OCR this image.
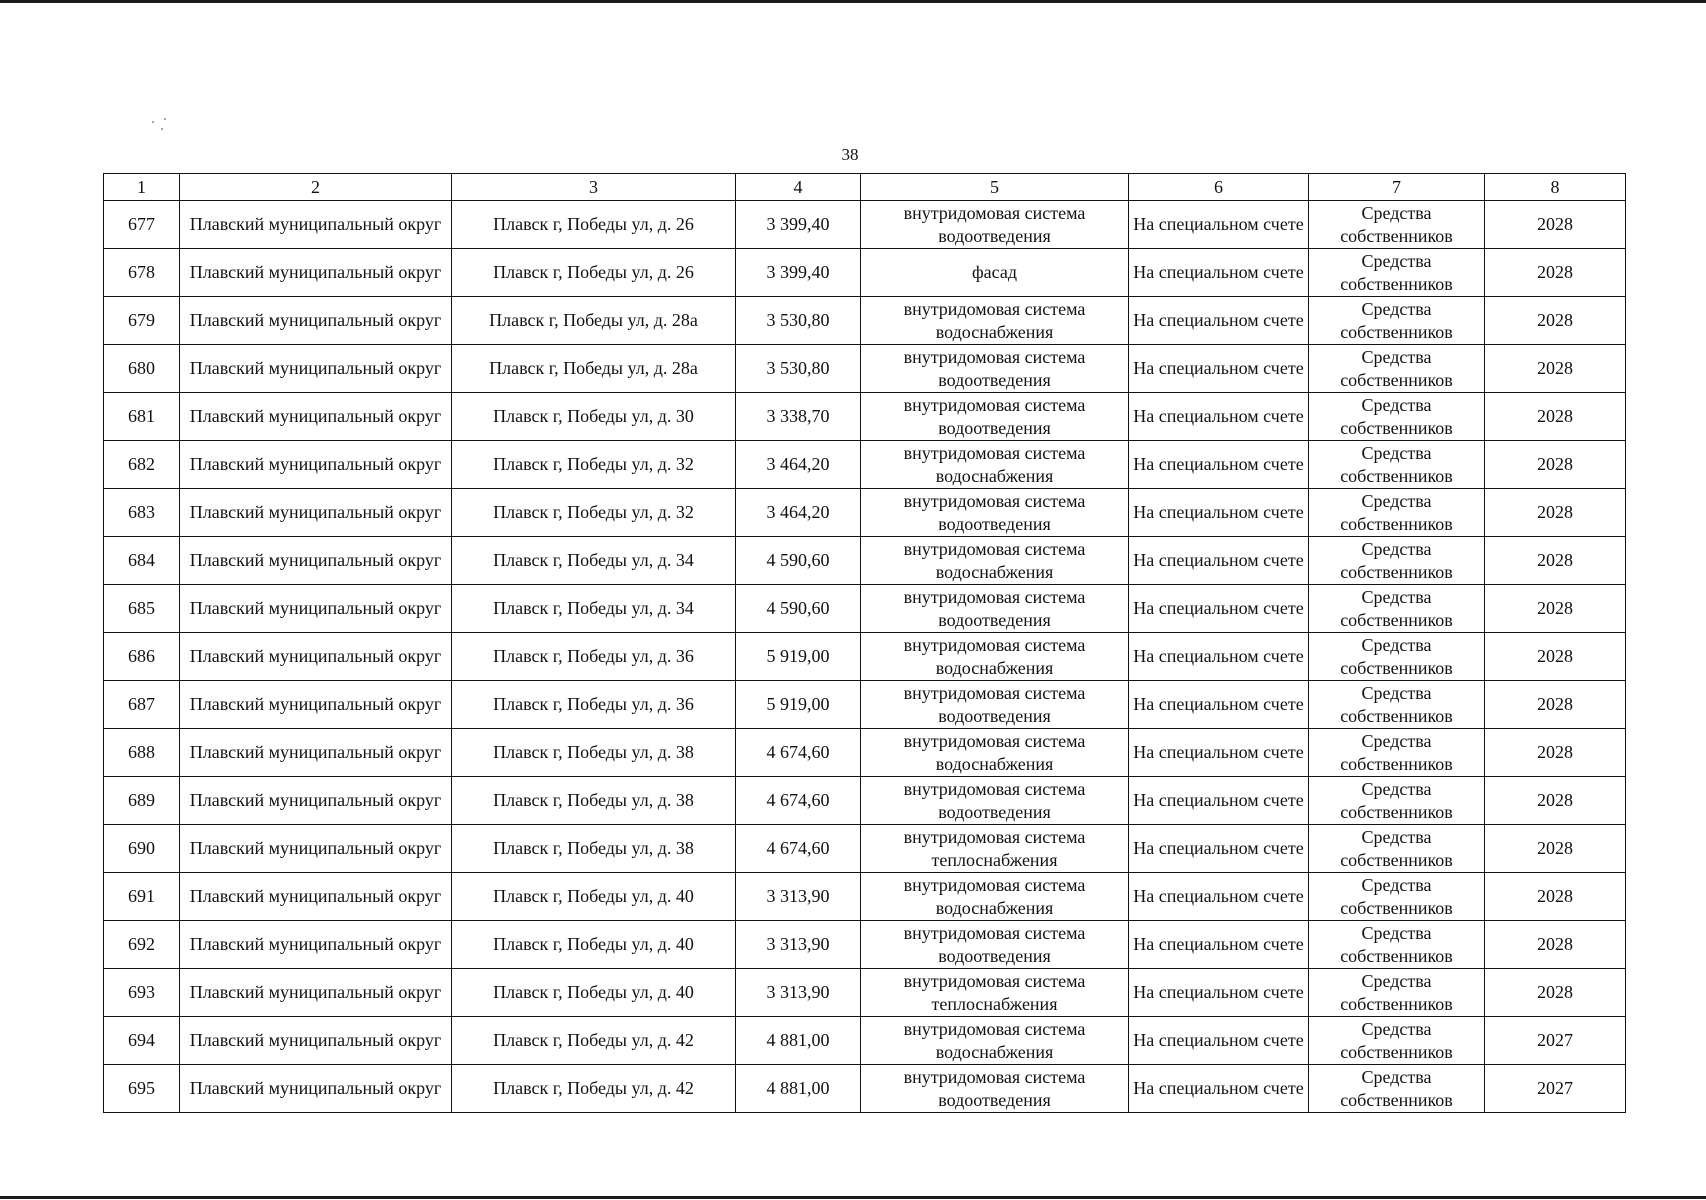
38
1	2	3	4	5	6	7	8
677	Плавский муниципальный округ	Плавск г, Победы ул, д. 26	3 399,40	внутридомовая система водоотведения	На специальном счете	Средства собственников	2028
678	Плавский муниципальный округ	Плавск г, Победы ул, д. 26	3 399,40	фасад	На специальном счете	Средства собственников	2028
679	Плавский муниципальный округ	Плавск г, Победы ул, д. 28а	3 530,80	внутридомовая система водоснабжения	На специальном счете	Средства собственников	2028
680	Плавский муниципальный округ	Плавск г, Победы ул, д. 28а	3 530,80	внутридомовая система водоотведения	На специальном счете	Средства собственников	2028
681	Плавский муниципальный округ	Плавск г, Победы ул, д. 30	3 338,70	внутридомовая система водоотведения	На специальном счете	Средства собственников	2028
682	Плавский муниципальный округ	Плавск г, Победы ул, д. 32	3 464,20	внутридомовая система водоснабжения	На специальном счете	Средства собственников	2028
683	Плавский муниципальный округ	Плавск г, Победы ул, д. 32	3 464,20	внутридомовая система водоотведения	На специальном счете	Средства собственников	2028
684	Плавский муниципальный округ	Плавск г, Победы ул, д. 34	4 590,60	внутридомовая система водоснабжения	На специальном счете	Средства собственников	2028
685	Плавский муниципальный округ	Плавск г, Победы ул, д. 34	4 590,60	внутридомовая система водоотведения	На специальном счете	Средства собственников	2028
686	Плавский муниципальный округ	Плавск г, Победы ул, д. 36	5 919,00	внутридомовая система водоснабжения	На специальном счете	Средства собственников	2028
687	Плавский муниципальный округ	Плавск г, Победы ул, д. 36	5 919,00	внутридомовая система водоотведения	На специальном счете	Средства собственников	2028
688	Плавский муниципальный округ	Плавск г, Победы ул, д. 38	4 674,60	внутридомовая система водоснабжения	На специальном счете	Средства собственников	2028
689	Плавский муниципальный округ	Плавск г, Победы ул, д. 38	4 674,60	внутридомовая система водоотведения	На специальном счете	Средства собственников	2028
690	Плавский муниципальный округ	Плавск г, Победы ул, д. 38	4 674,60	внутридомовая система теплоснабжения	На специальном счете	Средства собственников	2028
691	Плавский муниципальный округ	Плавск г, Победы ул, д. 40	3 313,90	внутридомовая система водоснабжения	На специальном счете	Средства собственников	2028
692	Плавский муниципальный округ	Плавск г, Победы ул, д. 40	3 313,90	внутридомовая система водоотведения	На специальном счете	Средства собственников	2028
693	Плавский муниципальный округ	Плавск г, Победы ул, д. 40	3 313,90	внутридомовая система теплоснабжения	На специальном счете	Средства собственников	2028
694	Плавский муниципальный округ	Плавск г, Победы ул, д. 42	4 881,00	внутридомовая система водоснабжения	На специальном счете	Средства собственников	2027
695	Плавский муниципальный округ	Плавск г, Победы ул, д. 42	4 881,00	внутридомовая система водоотведения	На специальном счете	Средства собственников	2027
